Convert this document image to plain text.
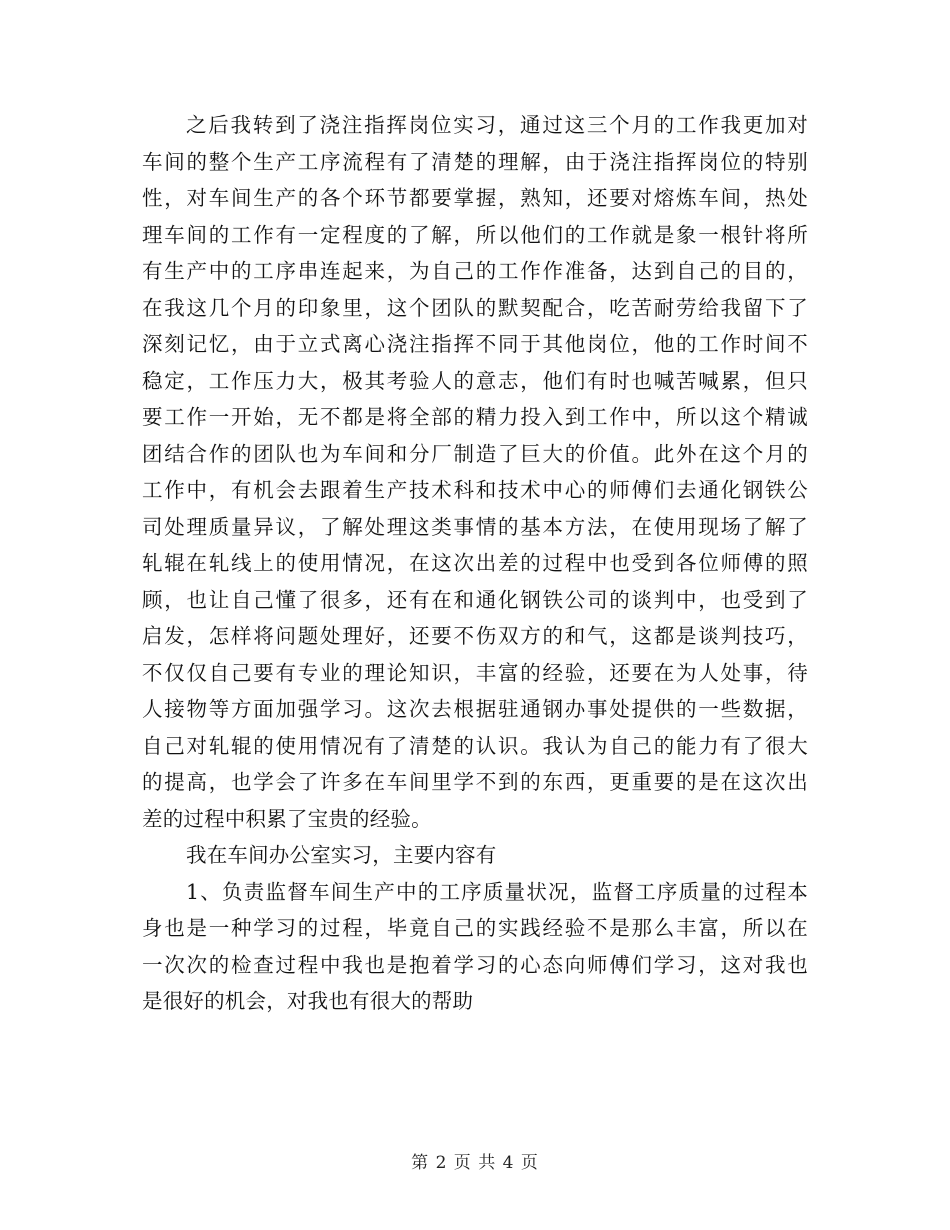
之后我转到了浇注指挥岗位实习，通过这三个月的工作我更加对
车间的整个生产工序流程有了清楚的理解，由于浇注指挥岗位的特别
性，对车间生产的各个环节都要掌握，熟知，还要对熔炼车间，热处
理车间的工作有一定程度的了解，所以他们的工作就是象一根针将所
有生产中的工序串连起来，为自己的工作作准备，达到自己的目的，
在我这几个月的印象里，这个团队的默契配合，吃苦耐劳给我留下了
深刻记忆，由于立式离心浇注指挥不同于其他岗位，他的工作时间不
稳定，工作压力大，极其考验人的意志，他们有时也喊苦喊累，但只
要工作一开始，无不都是将全部的精力投入到工作中，所以这个精诚
团结合作的团队也为车间和分厂制造了巨大的价值。此外在这个月的
工作中，有机会去跟着生产技术科和技术中心的师傅们去通化钢铁公
司处理质量异议，了解处理这类事情的基本方法，在使用现场了解了
轧辊在轧线上的使用情况，在这次出差的过程中也受到各位师傅的照
顾，也让自己懂了很多，还有在和通化钢铁公司的谈判中，也受到了
启发，怎样将问题处理好，还要不伤双方的和气，这都是谈判技巧，
不仅仅自己要有专业的理论知识，丰富的经验，还要在为人处事，待
人接物等方面加强学习。这次去根据驻通钢办事处提供的一些数据，
自己对轧辊的使用情况有了清楚的认识。我认为自己的能力有了很大
的提高，也学会了许多在车间里学不到的东西，更重要的是在这次出
差的过程中积累了宝贵的经验。
我在车间办公室实习，主要内容有
1、负责监督车间生产中的工序质量状况，监督工序质量的过程本
身也是一种学习的过程，毕竟自己的实践经验不是那么丰富，所以在
一次次的检查过程中我也是抱着学习的心态向师傅们学习，这对我也
是很好的机会，对我也有很大的帮助
第 2 页 共 4 页
